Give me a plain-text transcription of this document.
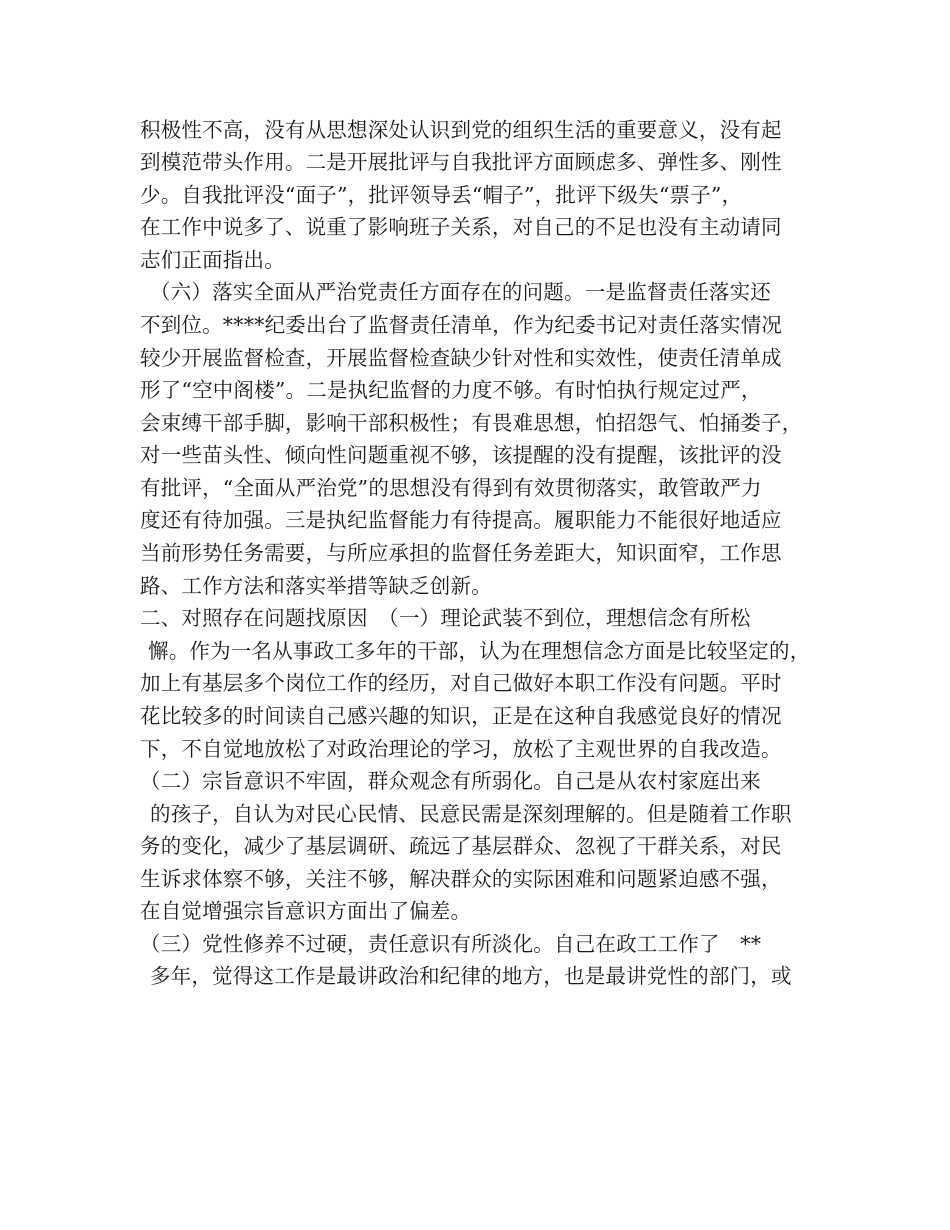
积极性不高，没有从思想深处认识到党的组织生活的重要意义，没有起
到模范带头作用。二是开展批评与自我批评方面顾虑多、弹性多、刚性
少。自我批评没“面子”，批评领导丢“帽子”，批评下级失“票子”，
在工作中说多了、说重了影响班子关系，对自己的不足也没有主动请同
志们正面指出。
（六）落实全面从严治党责任方面存在的问题。一是监督责任落实还
不到位。****纪委出台了监督责任清单，作为纪委书记对责任落实情况
较少开展监督检查，开展监督检查缺少针对性和实效性，使责任清单成
形了“空中阁楼”。二是执纪监督的力度不够。有时怕执行规定过严，
会束缚干部手脚，影响干部积极性；有畏难思想，怕招怨气、怕捅娄子，
对一些苗头性、倾向性问题重视不够，该提醒的没有提醒，该批评的没
有批评，“全面从严治党”的思想没有得到有效贯彻落实，敢管敢严力
度还有待加强。三是执纪监督能力有待提高。履职能力不能很好地适应
当前形势任务需要，与所应承担的监督任务差距大，知识面窄，工作思
路、工作方法和落实举措等缺乏创新。
二、对照存在问题找原因　（一）理论武装不到位，理想信念有所松
懈。作为一名从事政工多年的干部，认为在理想信念方面是比较坚定的，
加上有基层多个岗位工作的经历，对自己做好本职工作没有问题。平时
花比较多的时间读自己感兴趣的知识，正是在这种自我感觉良好的情况
下，不自觉地放松了对政治理论的学习，放松了主观世界的自我改造。
（二）宗旨意识不牢固，群众观念有所弱化。自己是从农村家庭出来
的孩子，自认为对民心民情、民意民需是深刻理解的。但是随着工作职
务的变化，减少了基层调研、疏远了基层群众、忽视了干群关系，对民
生诉求体察不够，关注不够，解决群众的实际困难和问题紧迫感不强，
在自觉增强宗旨意识方面出了偏差。
（三）党性修养不过硬，责任意识有所淡化。自己在政工工作了　**
多年，觉得这工作是最讲政治和纪律的地方，也是最讲党性的部门，或
